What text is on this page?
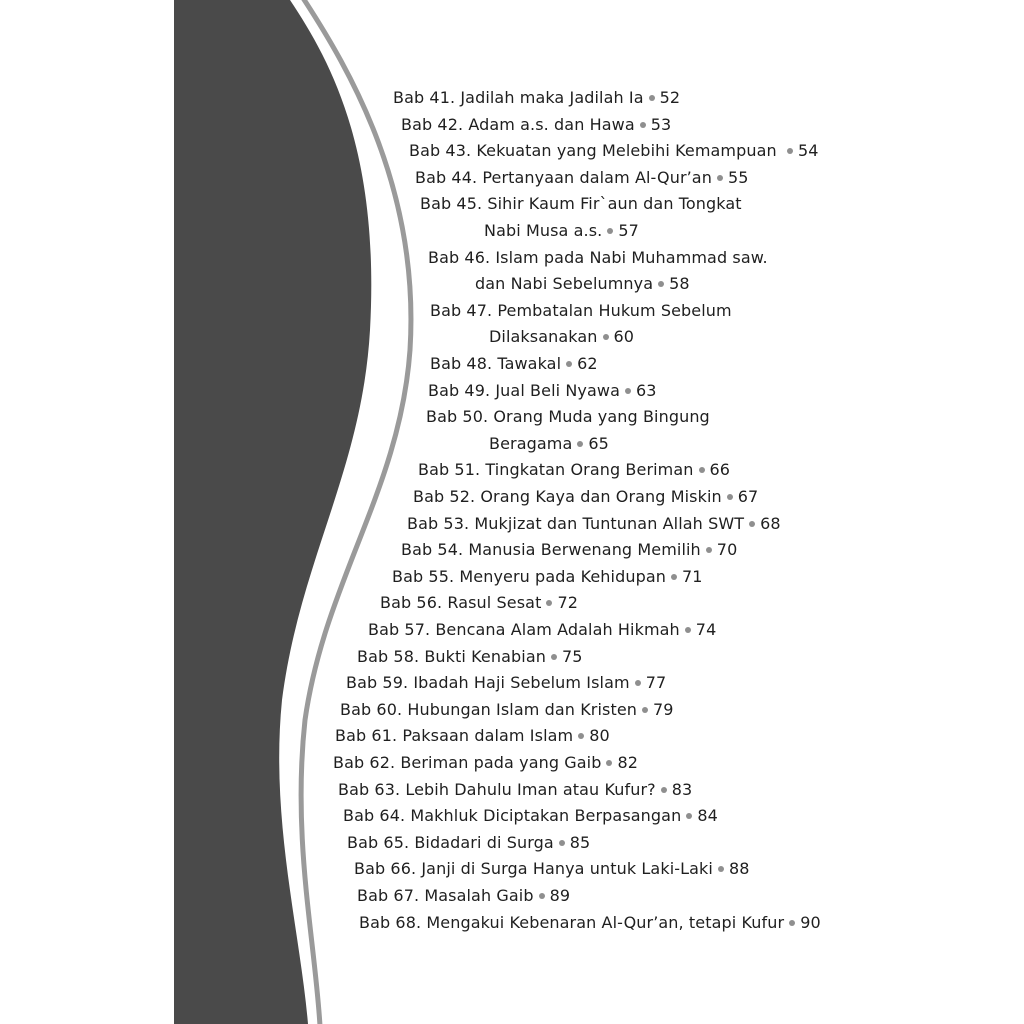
Bab 41. Jadilah maka Jadilah Ia 52
Bab 42. Adam a.s. dan Hawa 53
Bab 43. Kekuatan yang Melebihi Kemampuan 54
Bab 44. Pertanyaan dalam Al-Qur’an 55
Bab 45. Sihir Kaum Fir`aun dan Tongkat
Nabi Musa a.s. 57
Bab 46. Islam pada Nabi Muhammad saw.
dan Nabi Sebelumnya 58
Bab 47. Pembatalan Hukum Sebelum
Dilaksanakan 60
Bab 48. Tawakal 62
Bab 49. Jual Beli Nyawa 63
Bab 50. Orang Muda yang Bingung
Beragama 65
Bab 51. Tingkatan Orang Beriman 66
Bab 52. Orang Kaya dan Orang Miskin 67
Bab 53. Mukjizat dan Tuntunan Allah SWT 68
Bab 54. Manusia Berwenang Memilih 70
Bab 55. Menyeru pada Kehidupan 71
Bab 56. Rasul Sesat 72
Bab 57. Bencana Alam Adalah Hikmah 74
Bab 58. Bukti Kenabian 75
Bab 59. Ibadah Haji Sebelum Islam 77
Bab 60. Hubungan Islam dan Kristen 79
Bab 61. Paksaan dalam Islam 80
Bab 62. Beriman pada yang Gaib 82
Bab 63. Lebih Dahulu Iman atau Kufur? 83
Bab 64. Makhluk Diciptakan Berpasangan 84
Bab 65. Bidadari di Surga 85
Bab 66. Janji di Surga Hanya untuk Laki-Laki 88
Bab 67. Masalah Gaib 89
Bab 68. Mengakui Kebenaran Al-Qur’an, tetapi Kufur 90
